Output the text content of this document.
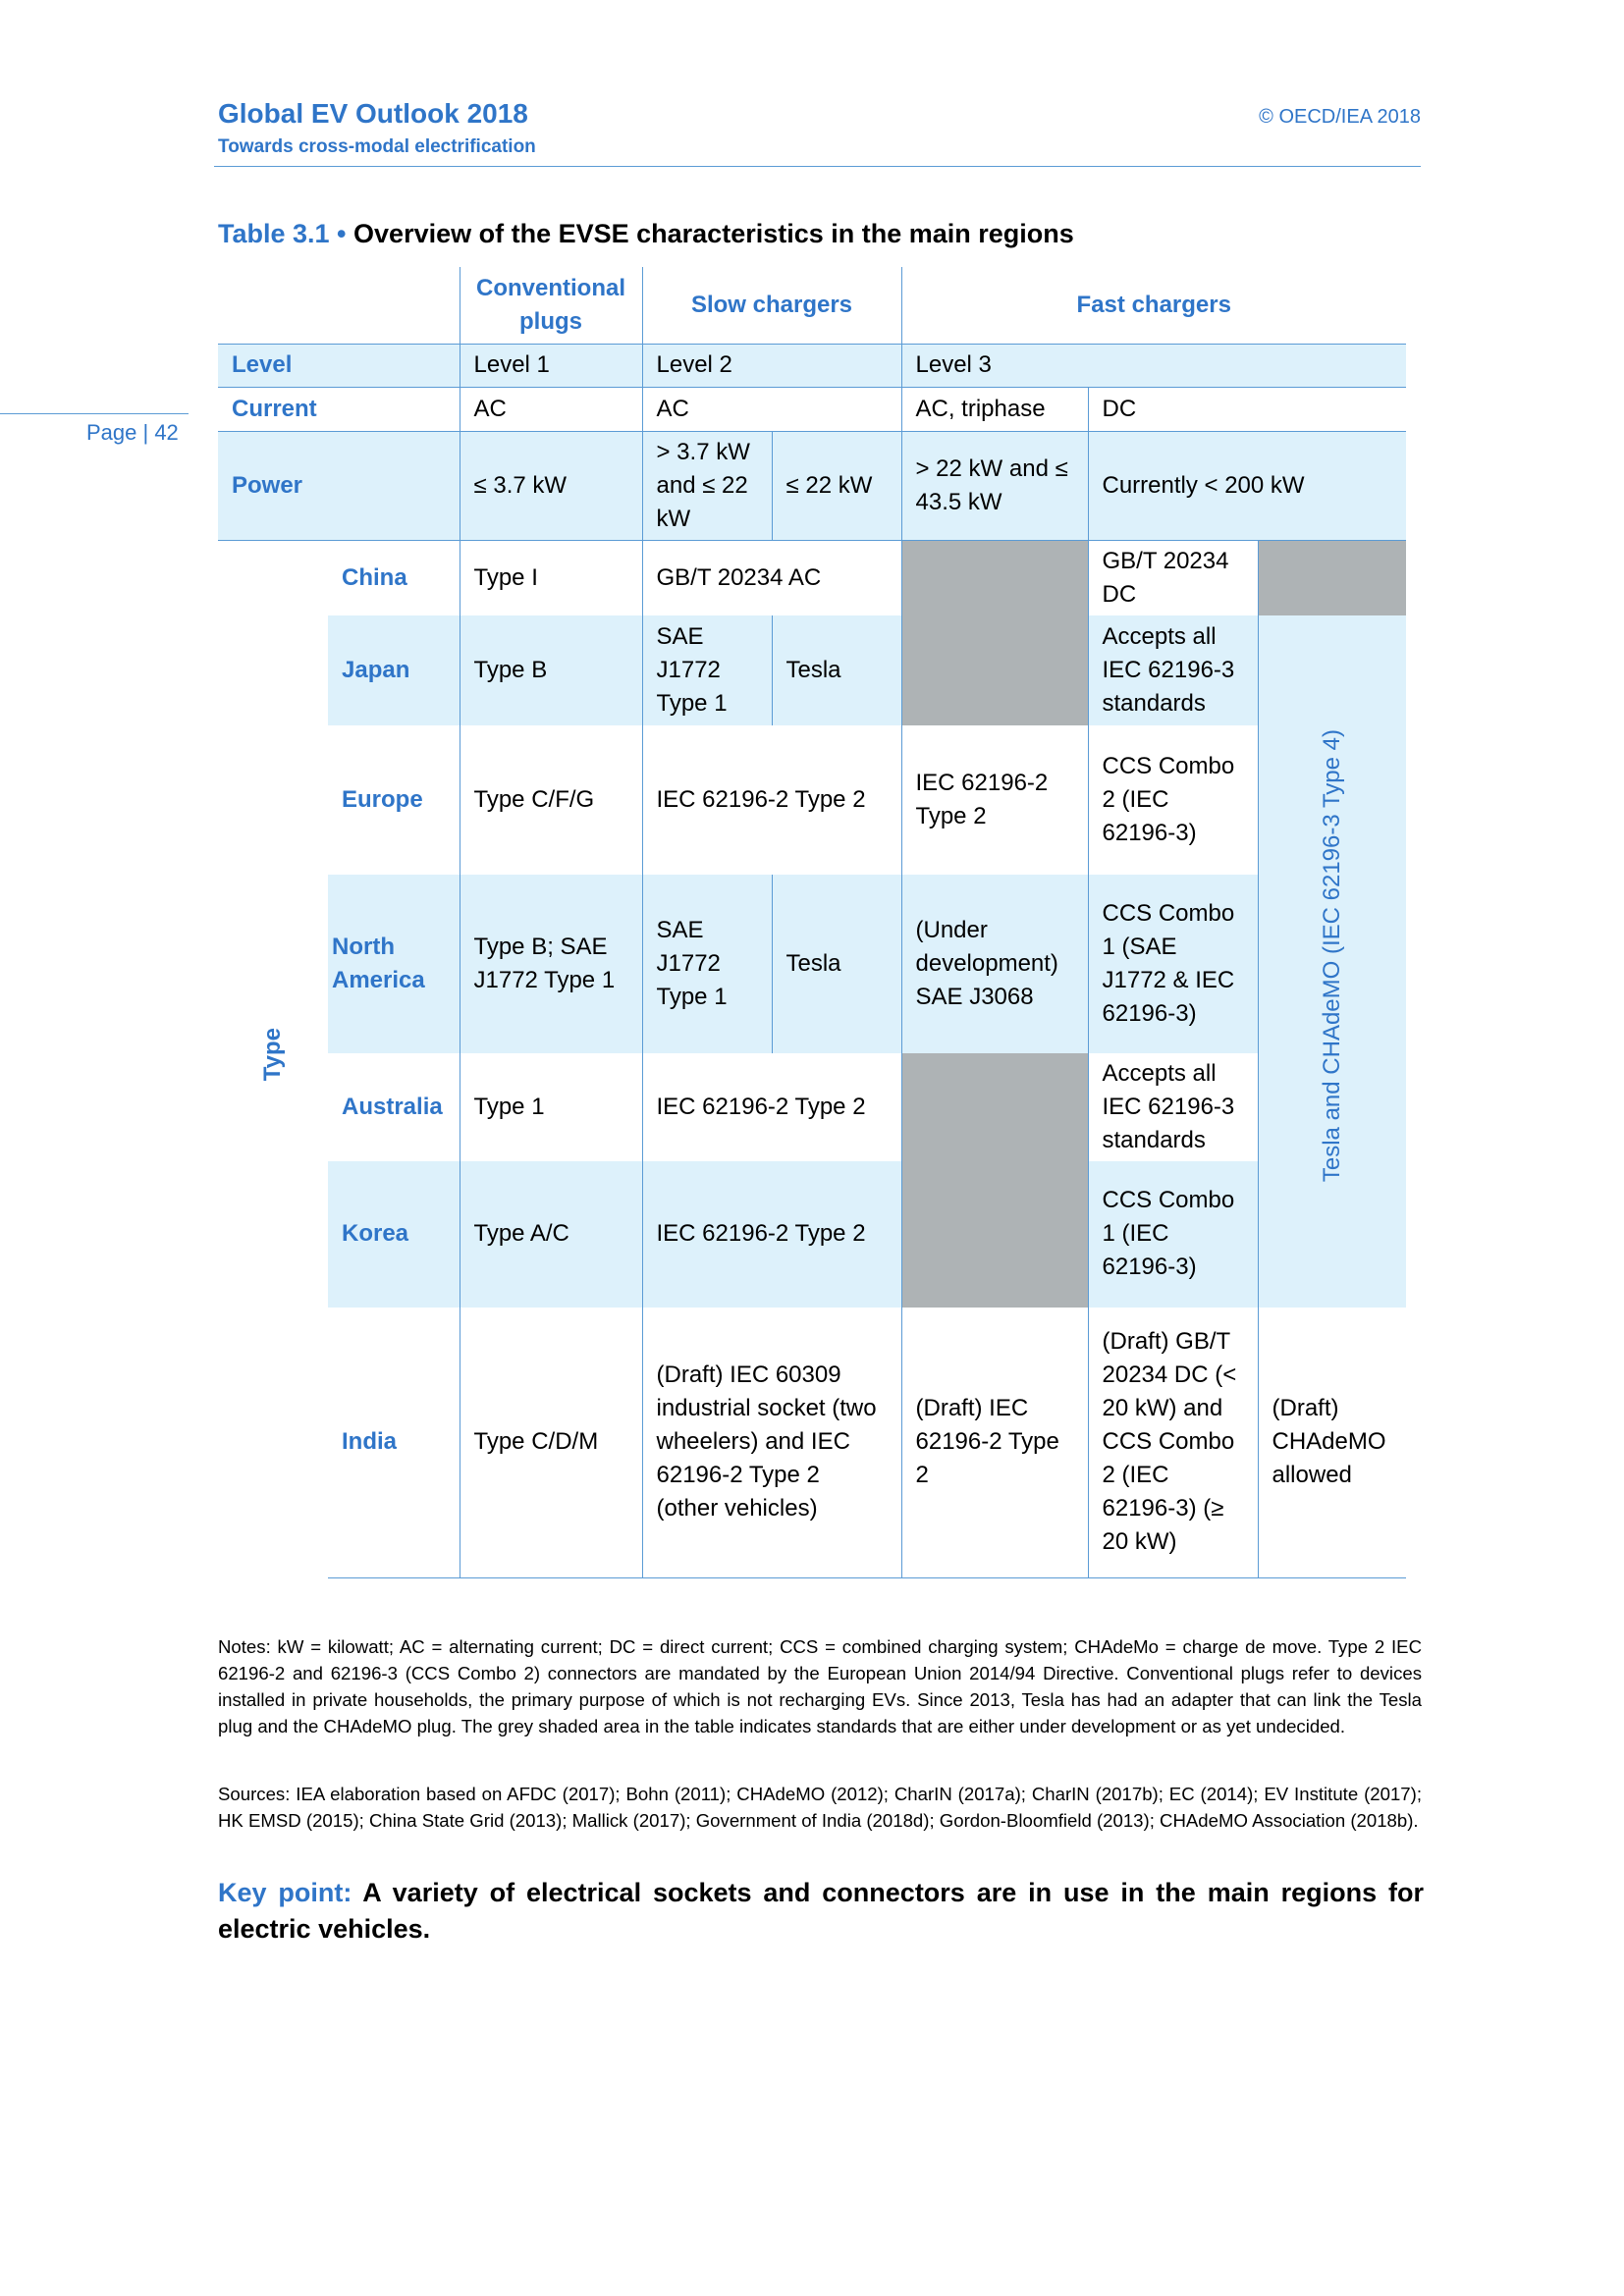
Global EV Outlook 2018
Towards cross-modal electrification
© OECD/IEA 2018
Page | 42
Table 3.1 • Overview of the EVSE characteristics in the main regions
		Conventional plugs	Slow chargers		Fast chargers		
Level		Level 1	Level 2		Level 3		
Current		AC	AC		AC, triphase	DC	
Power		≤ 3.7 kW	> 3.7 kW and ≤ 22 kW	≤ 22 kW	> 22 kW and ≤ 43.5 kW	Currently < 200 kW	
Type	China	Type I	GB/T 20234 AC			GB/T 20234 DC	
	Japan	Type B	SAE J1772 Type 1	Tesla		Accepts all IEC 62196-3 standards	Tesla and CHAdeMO (IEC 62196-3 Type 4)
	Europe	Type C/F/G	IEC 62196-2 Type 2		IEC 62196-2 Type 2	CCS Combo 2 (IEC 62196-3)	
	North America	Type B; SAE J1772 Type 1	SAE J1772 Type 1	Tesla	(Under development) SAE J3068	CCS Combo 1 (SAE J1772 & IEC 62196-3)	
	Australia	Type 1	IEC 62196-2 Type 2			Accepts all IEC 62196-3 standards	
	Korea	Type A/C	IEC 62196-2 Type 2			CCS Combo 1 (IEC 62196-3)	
	India	Type C/D/M	(Draft) IEC 60309 industrial socket (two wheelers) and IEC 62196-2 Type 2 (other vehicles)		(Draft) IEC 62196-2 Type 2	(Draft) GB/T 20234 DC (< 20 kW) and CCS Combo 2 (IEC 62196-3) (≥ 20 kW)	(Draft) CHAdeMO allowed
Notes: kW = kilowatt; AC = alternating current; DC = direct current; CCS = combined charging system; CHAdeMo = charge de move. Type 2 IEC 62196-2 and 62196-3 (CCS Combo 2) connectors are mandated by the European Union 2014/94 Directive. Conventional plugs refer to devices installed in private households, the primary purpose of which is not recharging EVs. Since 2013, Tesla has had an adapter that can link the Tesla plug and the CHAdeMO plug. The grey shaded area in the table indicates standards that are either under development or as yet undecided.
Sources: IEA elaboration based on AFDC (2017); Bohn (2011); CHAdeMO (2012); CharIN (2017a); CharIN (2017b); EC (2014); EV Institute (2017); HK EMSD (2015); China State Grid (2013); Mallick (2017); Government of India (2018d); Gordon-Bloomfield (2013); CHAdeMO Association (2018b).
Key point: A variety of electrical sockets and connectors are in use in the main regions for electric vehicles.
